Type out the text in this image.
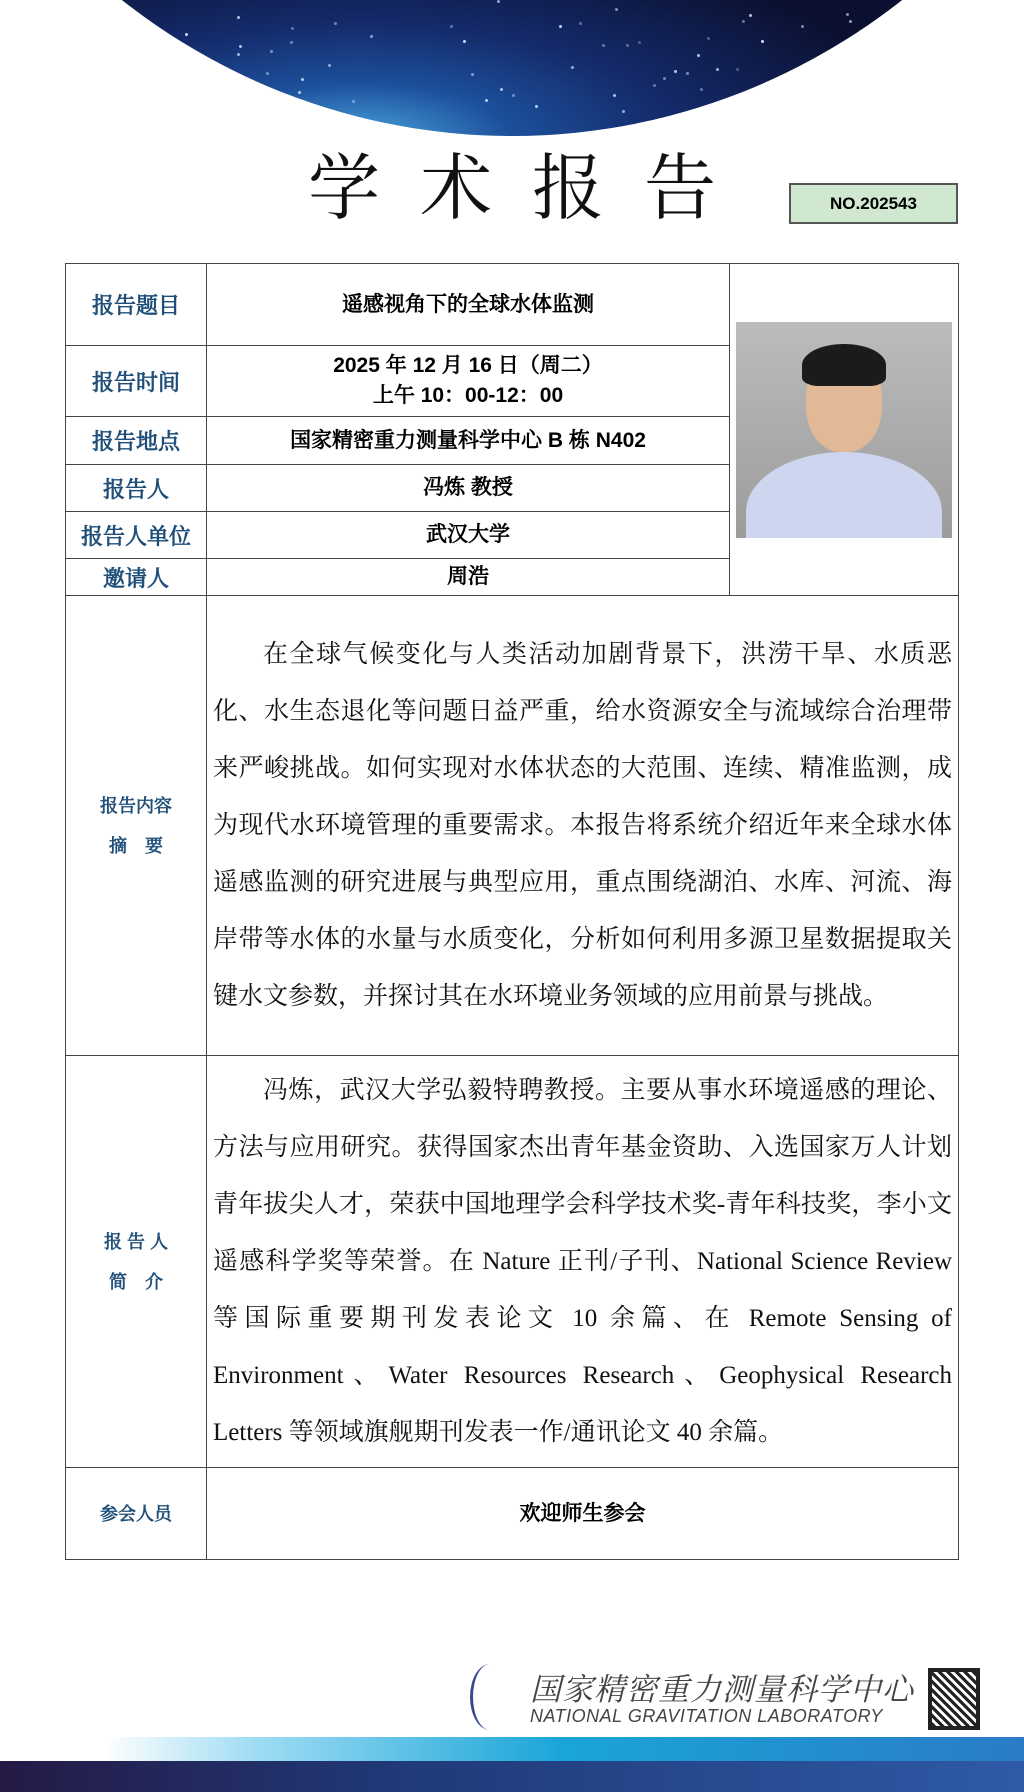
学术报告	NO.202543
报告题目	遥感视角下的全球水体监测	

报告时间	2025 年 12 月 16 日（周二）
上午 10：00-12：00	

报告地点	国家精密重力测量科学中心 B 栋 N402	
报告人	冯炼 教授	
报告人单位	武汉大学	
邀请人	周浩	

报告内容
摘　要	在全球气候变化与人类活动加剧背景下，洪涝干旱、水质恶化、水生态退化等问题日益严重，给水资源安全与流域综合治理带来严峻挑战。如何实现对水体状态的大范围、连续、精准监测，成为现代水环境管理的重要需求。本报告将系统介绍近年来全球水体遥感监测的研究进展与典型应用，重点围绕湖泊、水库、河流、海岸带等水体的水量与水质变化，分析如何利用多源卫星数据提取关键水文参数，并探讨其在水环境业务领域的应用前景与挑战。	

报 告 人
简　介	冯炼，武汉大学弘毅特聘教授。主要从事水环境遥感的理论、方法与应用研究。获得国家杰出青年基金资助、入选国家万人计划青年拔尖人才，荣获中国地理学会科学技术奖-青年科技奖，李小文遥感科学奖等荣誉。在 Nature 正刊/子刊、National Science Review 等国际重要期刊发表论文 10 余篇、在 Remote Sensing of Environment、Water Resources Research、Geophysical Research Letters 等领域旗舰期刊发表一作/通讯论文 40 余篇。	

参会人员	欢迎师生参会	
国家精密重力测量科学中心
NATIONAL GRAVITATION LABORATORY
